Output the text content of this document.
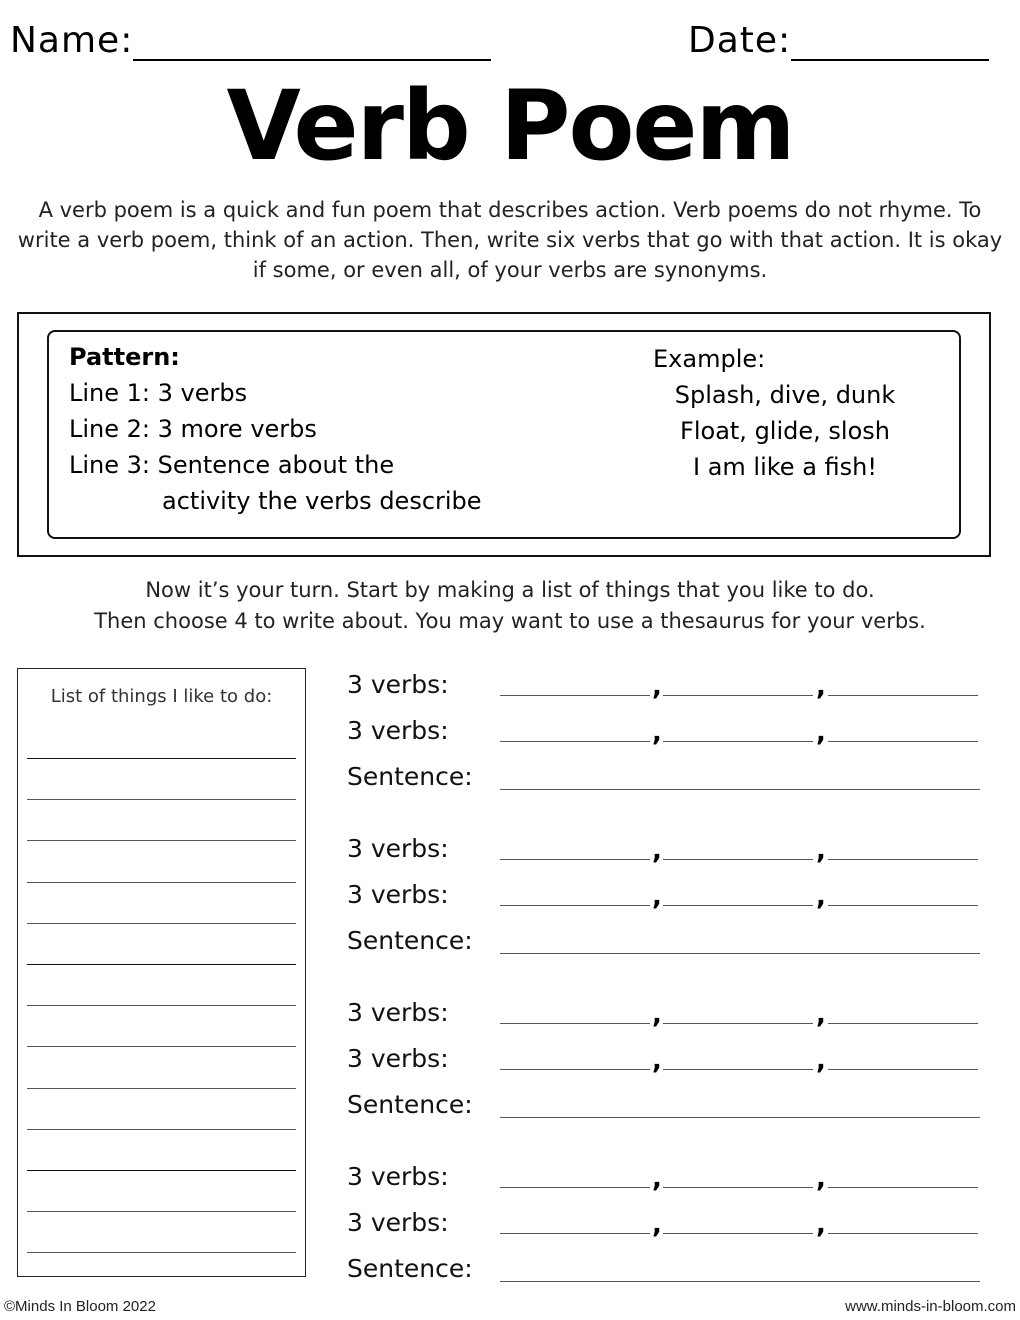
Name:	Date:
Verb Poem
A verb poem is a quick and fun poem that describes action. Verb poems do not rhyme. To write a verb poem, think of an action. Then, write six verbs that go with that action. It is okay if some, or even all, of your verbs are synonyms.
Pattern:
Line 1: 3 verbs
Line 2: 3 more verbs
Line 3: Sentence about the
activity the verbs describe
Example:
Splash, dive, dunk
Float, glide, slosh
I am like a fish!
Now it’s your turn. Start by making a list of things that you like to do.
Then choose 4 to write about. You may want to use a thesaurus for your verbs.
List of things I like to do:	3 verbs:	,	,
3 verbs:	,	,
Sentence:
3 verbs:	,	,
3 verbs:	,	,
Sentence:
3 verbs:	,	,
3 verbs:	,	,
Sentence:
3 verbs:	,	,
3 verbs:	,	,
Sentence:
©Minds In Bloom 2022	www.minds-in-bloom.com
